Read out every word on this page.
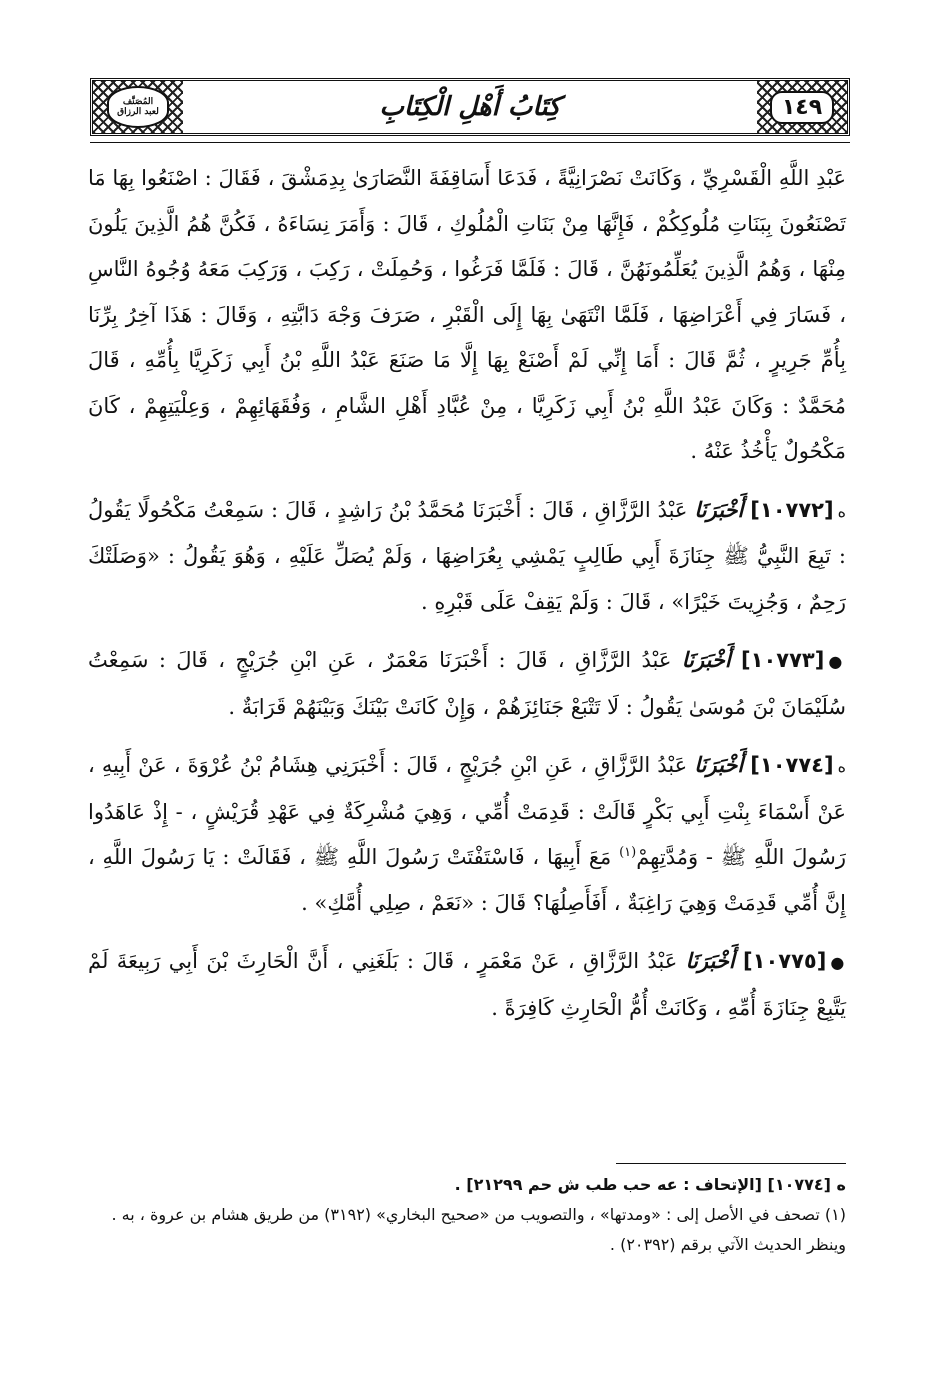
١٤٩
كِتَابُ أَهْلِ الْكِتَابِ
المُصَنَّف
لعبد الرزاق

عَبْدِ اللَّهِ الْقَسْرِيِّ ، وَكَانَتْ نَصْرَانِيَّةً ، فَدَعَا أَسَاقِفَةَ النَّصَارَىٰ بِدِمَشْقَ ، فَقَالَ : اصْنَعُوا بِهَا مَا تَصْنَعُونَ بِبَنَاتِ مُلُوكِكُمْ ، فَإِنَّهَا مِنْ بَنَاتِ الْمُلُوكِ ، قَالَ : وَأَمَرَ نِسَاءَهُ ، فَكُنَّ هُمُ الَّذِينَ يَلُونَ مِنْهَا ، وَهُمُ الَّذِينَ يُعَلِّمُونَهُنَّ ، قَالَ : فَلَمَّا فَرَغُوا ، وَحُمِلَتْ ، رَكِبَ ، وَرَكِبَ مَعَهُ وُجُوهُ النَّاسِ ، فَسَارَ فِي أَعْرَاضِهَا ، فَلَمَّا انْتَهَىٰ بِهَا إِلَى الْقَبْرِ ، صَرَفَ وَجْهَ دَابَّتِهِ ، وَقَالَ : هَذَا آخِرُ بِرِّنَا بِأُمِّ جَرِيرٍ ، ثُمَّ قَالَ : أَمَا إِنِّي لَمْ أَصْنَعْ بِهَا إِلَّا مَا صَنَعَ عَبْدُ اللَّهِ بْنُ أَبِي زَكَرِيَّا بِأُمِّهِ ، قَالَ مُحَمَّدٌ : وَكَانَ عَبْدُ اللَّهِ بْنُ أَبِي زَكَرِيَّا ، مِنْ عُبَّادِ أَهْلِ الشَّامِ ، وَفُقَهَائِهِمْ ، وَعِلْيَتِهِمْ ، كَانَ مَكْحُولٌ يَأْخُذُ عَنْهُ .

ه[١٠٧٧٢] أَخْبَرَنَا عَبْدُ الرَّزَّاقِ ، قَالَ : أَخْبَرَنَا مُحَمَّدُ بْنُ رَاشِدٍ ، قَالَ : سَمِعْتُ مَكْحُولًا يَقُولُ : تَبِعَ النَّبِيُّ ﷺ جِنَازَةَ أَبِي طَالِبٍ يَمْشِي بِعُرَاضِهَا ، وَلَمْ يُصَلِّ عَلَيْهِ ، وَهُوَ يَقُولُ : «وَصَلَتْكَ رَحِمٌ ، وَجُزِيتَ خَيْرًا» ، قَالَ : وَلَمْ يَقِفْ عَلَى قَبْرِهِ .

●[١٠٧٧٣] أَخْبَرَنَا عَبْدُ الرَّزَّاقِ ، قَالَ : أَخْبَرَنَا مَعْمَرٌ ، عَنِ ابْنِ جُرَيْجٍ ، قَالَ : سَمِعْتُ سُلَيْمَانَ بْنَ مُوسَىٰ يَقُولُ : لَا تَتْبَعْ جَنَائِزَهُمْ ، وَإِنْ كَانَتْ بَيْنَكَ وَبَيْنَهُمْ قَرَابَةٌ .

ه[١٠٧٧٤] أَخْبَرَنَا عَبْدُ الرَّزَّاقِ ، عَنِ ابْنِ جُرَيْجٍ ، قَالَ : أَخْبَرَنِي هِشَامُ بْنُ عُرْوَةَ ، عَنْ أَبِيهِ ، عَنْ أَسْمَاءَ بِنْتِ أَبِي بَكْرٍ قَالَتْ : قَدِمَتْ أُمِّي ، وَهِيَ مُشْرِكَةٌ فِي عَهْدِ قُرَيْشٍ ، - إِذْ عَاهَدُوا رَسُولَ اللَّهِ ﷺ - وَمُدَّتِهِمْ$^{(١)}$ مَعَ أَبِيهَا ، فَاسْتَفْتَتْ رَسُولَ اللَّهِ ﷺ ، فَقَالَتْ : يَا رَسُولَ اللَّهِ ، إِنَّ أُمِّي قَدِمَتْ وَهِيَ رَاغِبَةٌ ، أَفَأَصِلُهَا؟ قَالَ : «نَعَمْ ، صِلِي أُمَّكِ» .

●[١٠٧٧٥] أَخْبَرَنَا عَبْدُ الرَّزَّاقِ ، عَنْ مَعْمَرٍ ، قَالَ : بَلَغَنِي ، أَنَّ الْحَارِثَ بْنَ أَبِي رَبِيعَةَ لَمْ يَتَّبِعْ جِنَازَةَ أُمِّهِ ، وَكَانَتْ أُمُّ الْحَارِثِ كَافِرَةً .

ه [١٠٧٧٤] [الإتحاف : عه حب طب ش حم ٢١٢٩٩] .

(١) تصحف في الأصل إلى : «ومدتها» ، والتصويب من «صحيح البخاري» (٣١٩٢) من طريق هشام بن عروة ، به .

وينظر الحديث الآتي برقم (٢٠٣٩٢) .
